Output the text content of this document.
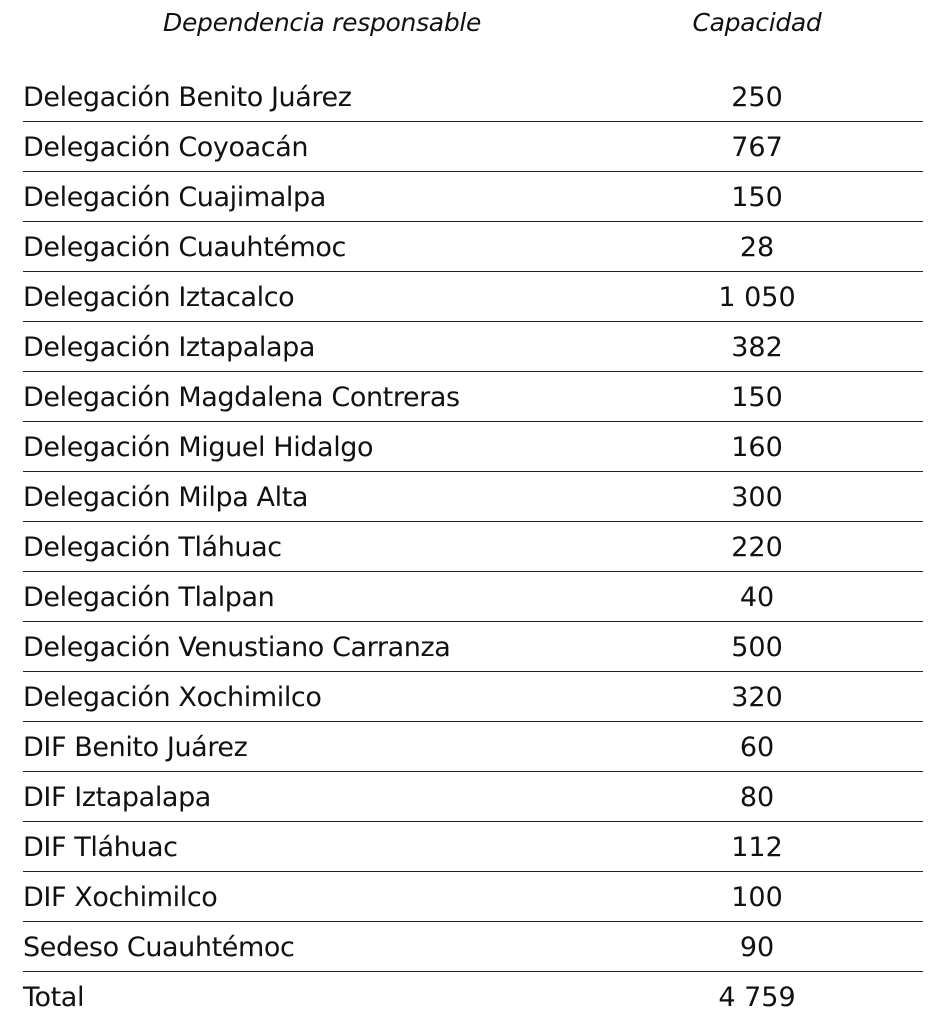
Dependencia responsable	Capacidad
Delegación Benito Juárez	250
Delegación Coyoacán	767
Delegación Cuajimalpa	150
Delegación Cuauhtémoc	28
Delegación Iztacalco	1 050
Delegación Iztapalapa	382
Delegación Magdalena Contreras	150
Delegación Miguel Hidalgo	160
Delegación Milpa Alta	300
Delegación Tláhuac	220
Delegación Tlalpan	40
Delegación Venustiano Carranza	500
Delegación Xochimilco	320
DIF Benito Juárez	60
DIF Iztapalapa	80
DIF Tláhuac	112
DIF Xochimilco	100
Sedeso Cuauhtémoc	90
Total	4 759
